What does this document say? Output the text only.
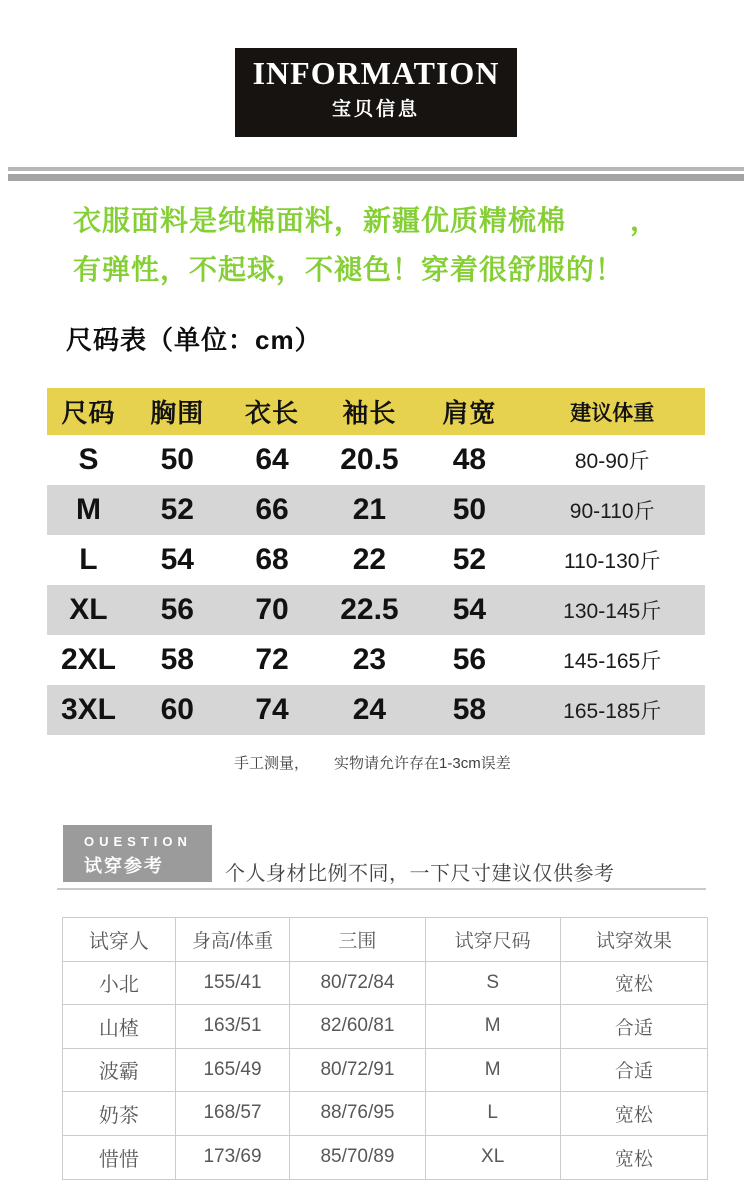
INFORMATION
宝贝信息
衣服面料是纯棉面料，新疆优质精梳棉 ，
有弹性，不起球，不褪色！穿着很舒服的！
尺码表（单位：cm）
尺码	胸围	衣长	袖长	肩宽	建议体重
S	50	64	20.5	48	80-90斤
M	52	66	21	50	90-110斤
L	54	68	22	52	110-130斤
XL	56	70	22.5	54	130-145斤
2XL	58	72	23	56	145-165斤
3XL	60	74	24	58	165-185斤
手工测量， 实物请允许存在1-3cm误差
OUESTION
试穿参考	个人身材比例不同，一下尺寸建议仅供参考
试穿人	身高/体重	三围	试穿尺码	试穿效果
小北	155/41	80/72/84	S	宽松
山楂	163/51	82/60/81	M	合适
波霸	165/49	80/72/91	M	合适
奶茶	168/57	88/76/95	L	宽松
惜惜	173/69	85/70/89	XL	宽松
